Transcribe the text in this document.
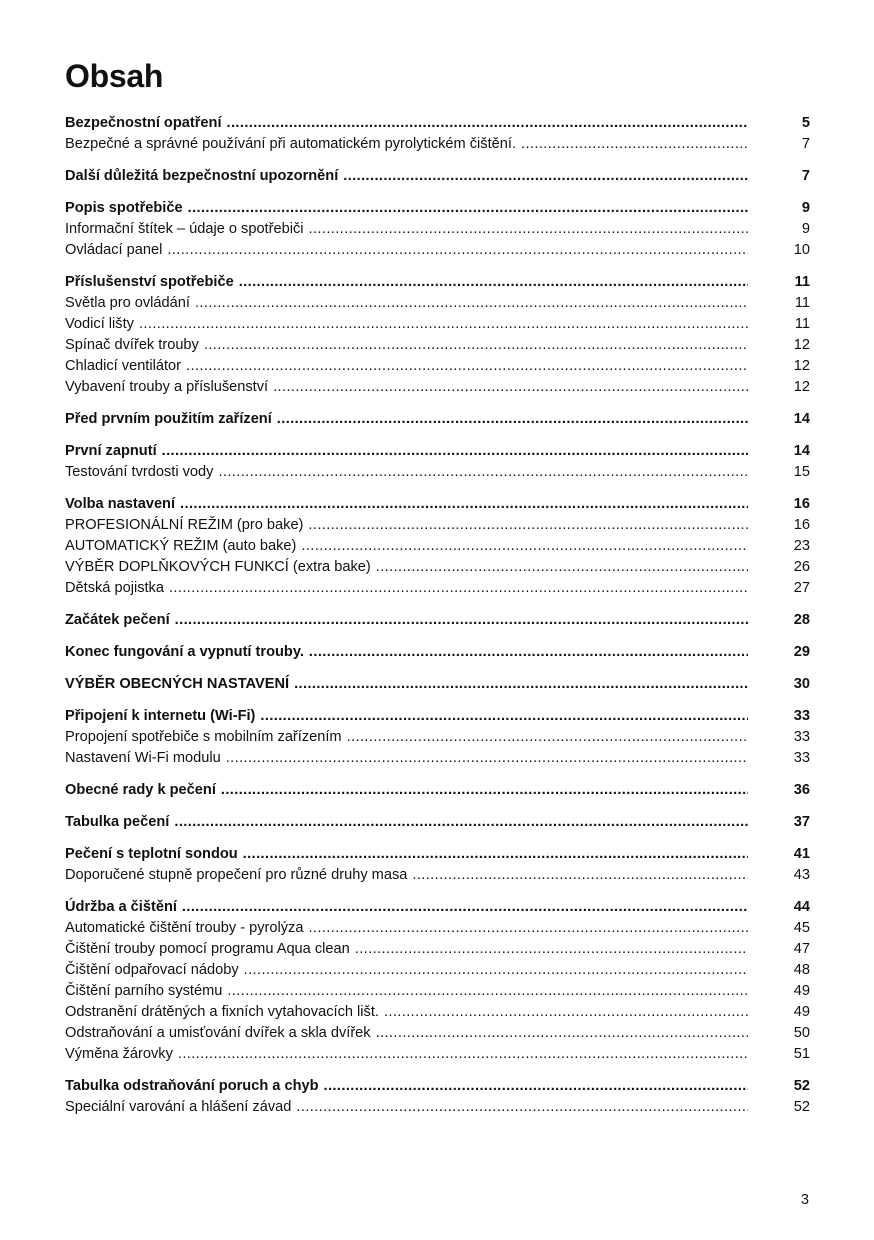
Obsah
Bezpečnostní opatření .....	5
Bezpečné a správné používání při automatickém pyrolytickém čištění. .....	7
Další důležitá bezpečnostní upozornění .....	7
Popis spotřebiče .....	9
Informační štítek – údaje o spotřebiči .....	9
Ovládací panel .....	10
Příslušenství spotřebiče .....	11
Světla pro ovládání .....	11
Vodicí lišty .....	11
Spínač dvířek trouby .....	12
Chladicí ventilátor .....	12
Vybavení trouby a příslušenství .....	12
Před prvním použitím zařízení .....	14
První zapnutí .....	14
Testování tvrdosti vody .....	15
Volba nastavení .....	16
PROFESIONÁLNÍ REŽIM (pro bake) .....	16
AUTOMATICKÝ REŽIM (auto bake) .....	23
VÝBĚR DOPLŇKOVÝCH FUNKCÍ (extra bake) .....	26
Dětská pojistka .....	27
Začátek pečení .....	28
Konec fungování a vypnutí trouby. .....	29
VÝBĚR OBECNÝCH NASTAVENÍ .....	30
Připojení k internetu (Wi-Fi) .....	33
Propojení spotřebiče s mobilním zařízením .....	33
Nastavení Wi-Fi modulu .....	33
Obecné rady k pečení .....	36
Tabulka pečení .....	37
Pečení s teplotní sondou .....	41
Doporučené stupně propečení pro různé druhy masa .....	43
Údržba a čištění .....	44
Automatické čištění trouby - pyrolýza .....	45
Čištění trouby pomocí programu Aqua clean .....	47
Čištění odpařovací nádoby .....	48
Čištění parního systému .....	49
Odstranění drátěných a fixních vytahovacích lišt. .....	49
Odstraňování a umisťování dvířek a skla dvířek .....	50
Výměna žárovky .....	51
Tabulka odstraňování poruch a chyb .....	52
Speciální varování a hlášení závad .....	52
3
